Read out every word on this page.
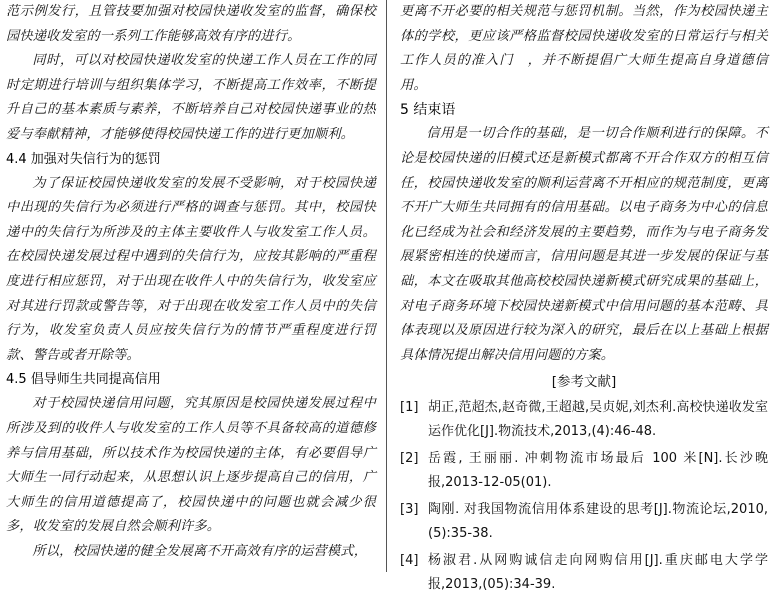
范示例发行，且管技要加强对校园快递收发室的监督，确保校园快递收发室的一系列工作能够高效有序的进行。

同时，可以对校园快递收发室的快递工作人员在工作的同时定期进行培训与组织集体学习，不断提高工作效率，不断提升自己的基本素质与素养，不断培养自己对校园快递事业的热爱与奉献精神，才能够使得校园快递工作的进行更加顺利。

4.4 加强对失信行为的惩罚

为了保证校园快递收发室的发展不受影响，对于校园快递中出现的失信行为必须进行严格的调查与惩罚。其中，校园快递中的失信行为所涉及的主体主要收件人与收发室工作人员。在校园快递发展过程中遇到的失信行为，应按其影响的严重程度进行相应惩罚，对于出现在收件人中的失信行为，收发室应对其进行罚款或警告等，对于出现在收发室工作人员中的失信行为，收发室负责人员应按失信行为的情节严重程度进行罚款、警告或者开除等。

4.5 倡导师生共同提高信用

对于校园快递信用问题，究其原因是校园快递发展过程中所涉及到的收件人与收发室的工作人员等不具备较高的道德修养与信用基础，所以技术作为校园快递的主体，有必要倡导广大师生一同行动起来，从思想认识上逐步提高自己的信用，广大师生的信用道德提高了，校园快递中的问题也就会减少很多，收发室的发展自然会顺利许多。

所以，校园快递的健全发展离不开高效有序的运营模式，

更离不开必要的相关规范与惩罚机制。当然，作为校园快递主体的学校，更应该严格监督校园快递收发室的日常运行与相关工作人员的准入门　，并不断提倡广大师生提高自身道德信用。

5 结束语

信用是一切合作的基础，是一切合作顺利进行的保障。不论是校园快递的旧模式还是新模式都离不开合作双方的相互信任，校园快递收发室的顺利运营离不开相应的规范制度，更离不开广大师生共同拥有的信用基础。以电子商务为中心的信息化已经成为社会和经济发展的主要趋势，而作为与电子商务发展紧密相连的快递而言，信用问题是其进一步发展的保证与基础，本文在吸取其他高校校园快递新模式研究成果的基础上，对电子商务环境下校园快递新模式中信用问题的基本范畴、具体表现以及原因进行较为深入的研究，最后在以上基础上根据具体情况提出解决信用问题的方案。

[参考文献]
[1] 胡正,范超杰,赵奇微,王超越,吴贞妮,刘杰利.高校快递收发室运作优化[J].物流技术,2013,(4):46-48.
[2] 岳霞, 王丽丽. 冲刺物流市场最后 100 米[N].长沙晚报,2013-12-05(01).
[3] 陶刚. 对我国物流信用体系建设的思考[J].物流论坛,2010,(5):35-38.
[4] 杨淑君.从网购诚信走向网购信用[J].重庆邮电大学学报,2013,(05):34-39.
